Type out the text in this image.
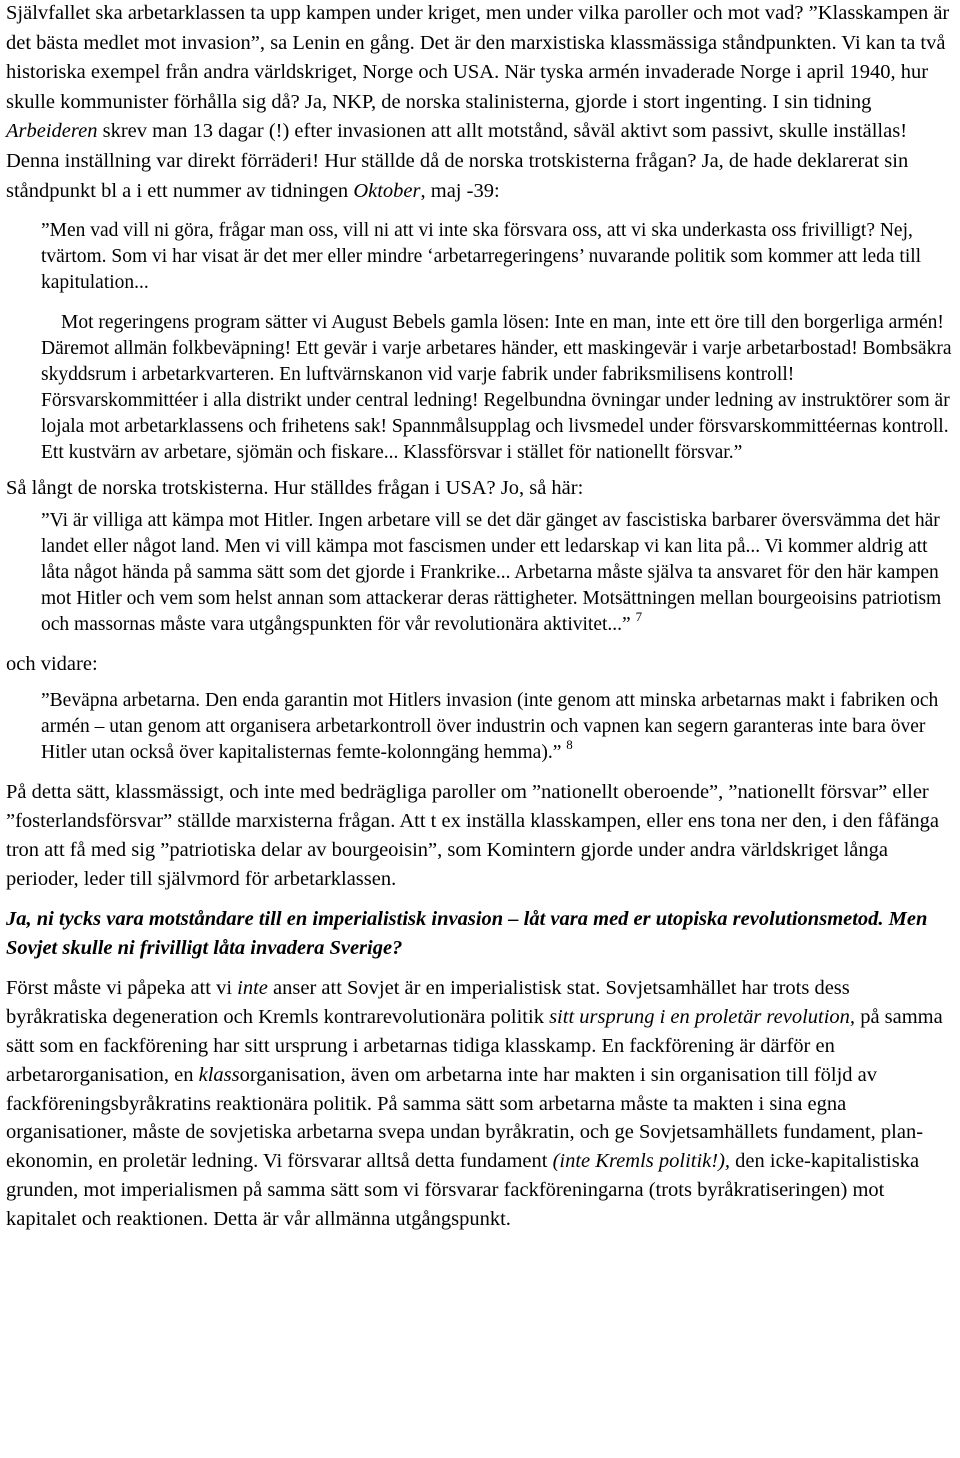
Självfallet ska arbetarklassen ta upp kampen under kriget, men under vilka paroller och mot vad? ”Klasskampen är det bästa medlet mot invasion”, sa Lenin en gång. Det är den marxistiska klassmässiga ståndpunkten. Vi kan ta två historiska exempel från andra världskriget, Norge och USA. När tyska armén invaderade Norge i april 1940, hur skulle kommunister förhålla sig då? Ja, NKP, de norska stalinisterna, gjorde i stort ingenting. I sin tidning Arbeideren skrev man 13 dagar (!) efter invasionen att allt motstånd, såväl aktivt som passivt, skulle inställas! Denna inställning var direkt förräderi! Hur ställde då de norska trotskisterna frågan? Ja, de hade deklarerat sin ståndpunkt bl a i ett nummer av tidningen Oktober, maj -39:

”Men vad vill ni göra, frågar man oss, vill ni att vi inte ska försvara oss, att vi ska underkasta oss frivilligt? Nej, tvärtom. Som vi har visat är det mer eller mindre ‘arbetarregeringens’ nuvarande politik som kommer att leda till kapitulation...

Mot regeringens program sätter vi August Bebels gamla lösen: Inte en man, inte ett öre till den borgerliga armén! Däremot allmän folkbeväpning! Ett gevär i varje arbetares händer, ett maskingevär i varje arbetarbostad! Bombsäkra skyddsrum i arbetarkvarteren. En luftvärnskanon vid varje fabrik under fabriksmilisens kontroll! Försvarskommittéer i alla distrikt under central ledning! Regelbundna övningar under ledning av instruktörer som är lojala mot arbetarklassens och frihetens sak! Spannmålsupplag och livsmedel under försvarskommittéernas kontroll. Ett kustvärn av arbetare, sjömän och fiskare... Klassförsvar i stället för nationellt försvar.”

Så långt de norska trotskisterna. Hur ställdes frågan i USA? Jo, så här:

”Vi är villiga att kämpa mot Hitler. Ingen arbetare vill se det där gänget av fascistiska barbarer översvämma det här landet eller något land. Men vi vill kämpa mot fascismen under ett ledarskap vi kan lita på... Vi kommer aldrig att låta något hända på samma sätt som det gjorde i Frankrike... Arbetarna måste själva ta ansvaret för den här kampen mot Hitler och vem som helst annan som attackerar deras rättigheter. Motsättningen mellan bourgeoisins patriotism och massornas måste vara utgångspunkten för vår revolutionära aktivitet...” $^7$

och vidare:

”Beväpna arbetarna. Den enda garantin mot Hitlers invasion (inte genom att minska arbetarnas makt i fabriken och armén – utan genom att organisera arbetarkontroll över industrin och vapnen kan segern garanteras inte bara över Hitler utan också över kapitalisternas femte-kolonngäng hemma).” $^8$

På detta sätt, klassmässigt, och inte med bedrägliga paroller om ”nationellt oberoende”, ”nationellt försvar” eller ”fosterlandsförsvar” ställde marxisterna frågan. Att t ex inställa klasskampen, eller ens tona ner den, i den fåfänga tron att få med sig ”patriotiska delar av bourgeoisin”, som Komintern gjorde under andra världskriget långa perioder, leder till självmord för arbetarklassen.

Ja, ni tycks vara motståndare till en imperialistisk invasion – låt vara med er utopiska revolutionsmetod. Men Sovjet skulle ni frivilligt låta invadera Sverige?

Först måste vi påpeka att vi inte anser att Sovjet är en imperialistisk stat. Sovjetsamhället har trots dess byråkratiska degeneration och Kremls kontrarevolutionära politik sitt ursprung i en proletär revolution, på samma sätt som en fackförening har sitt ursprung i arbetarnas tidiga klasskamp. En fackförening är därför en arbetarorganisation, en klassorganisation, även om arbetarna inte har makten i sin organisation till följd av fackföreningsbyråkratins reaktionära politik. På samma sätt som arbetarna måste ta makten i sina egna organisationer, måste de sovjetiska arbetarna svepa undan byråkratin, och ge Sovjetsamhällets fundament, planekonomin, en proletär ledning. Vi försvarar alltså detta fundament (inte Kremls politik!), den icke-kapitalistiska grunden, mot imperialismen på samma sätt som vi försvarar fackföreningarna (trots byråkratiseringen) mot kapitalet och reaktionen. Detta är vår allmänna utgångspunkt.
